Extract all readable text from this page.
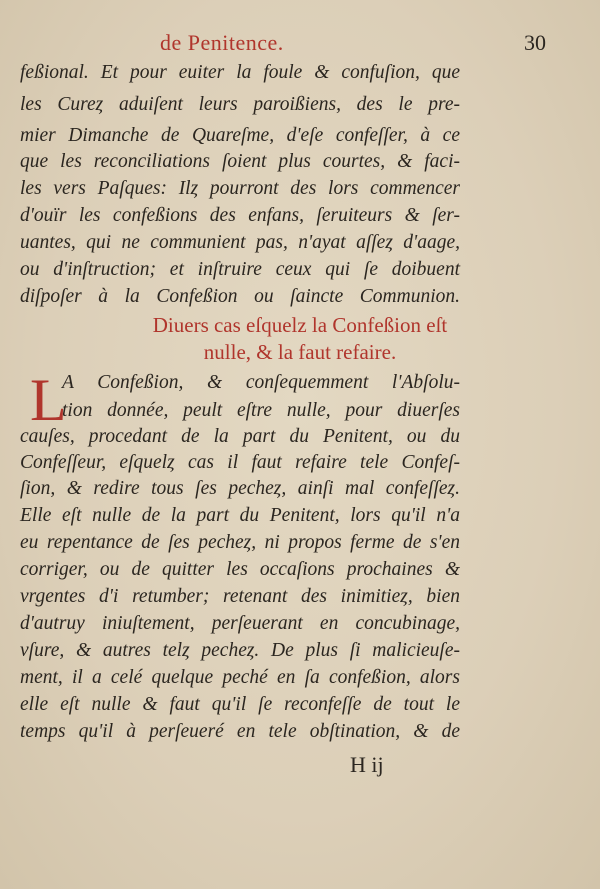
de Penitence.	30
feßional. Et pour euiter la foule & confuſion, que
les Cureȥ aduiſent leurs paroißiens, des le pre-
mier Dimanche de Quareſme, d'eſe confeſſer, à ce
que les reconciliations ſoient plus courtes, & faci-
les vers Paſques: Ilȥ pourront des lors commencer
d'ouïr les confeßions des enfans, ſeruiteurs & ſer-
uantes, qui ne communient pas, n'ayat aſſeȥ d'aage,
ou d'inſtruction; et inſtruire ceux qui ſe doibuent
diſpoſer à la Confeßion ou ſaincte Communion.
Diuers cas eſquelz la Confeßion eſt
nulle, & la faut refaire.
L
A Confeßion, & conſequemment l'Abſolu-
tion donnée, peult eſtre nulle, pour diuerſes
cauſes, procedant de la part du Penitent, ou du
Confeſſeur, eſquelȥ cas il faut refaire tele Confeſ-
ſion, & redire tous ſes pecheȥ, ainſi mal confeſſeȥ.
Elle eſt nulle de la part du Penitent, lors qu'il n'a
eu repentance de ſes pecheȥ, ni propos ferme de s'en
corriger, ou de quitter les occaſions prochaines &
vrgentes d'i retumber; retenant des inimitieȥ, bien
d'autruy iniuſtement, perſeuerant en concubinage,
vſure, & autres telȥ pecheȥ. De plus ſi malicieuſe-
ment, il a celé quelque peché en ſa confeßion, alors
elle eſt nulle & faut qu'il ſe reconfeſſe de tout le
temps qu'il à perſeueré en tele obſtination, & de
H ij
